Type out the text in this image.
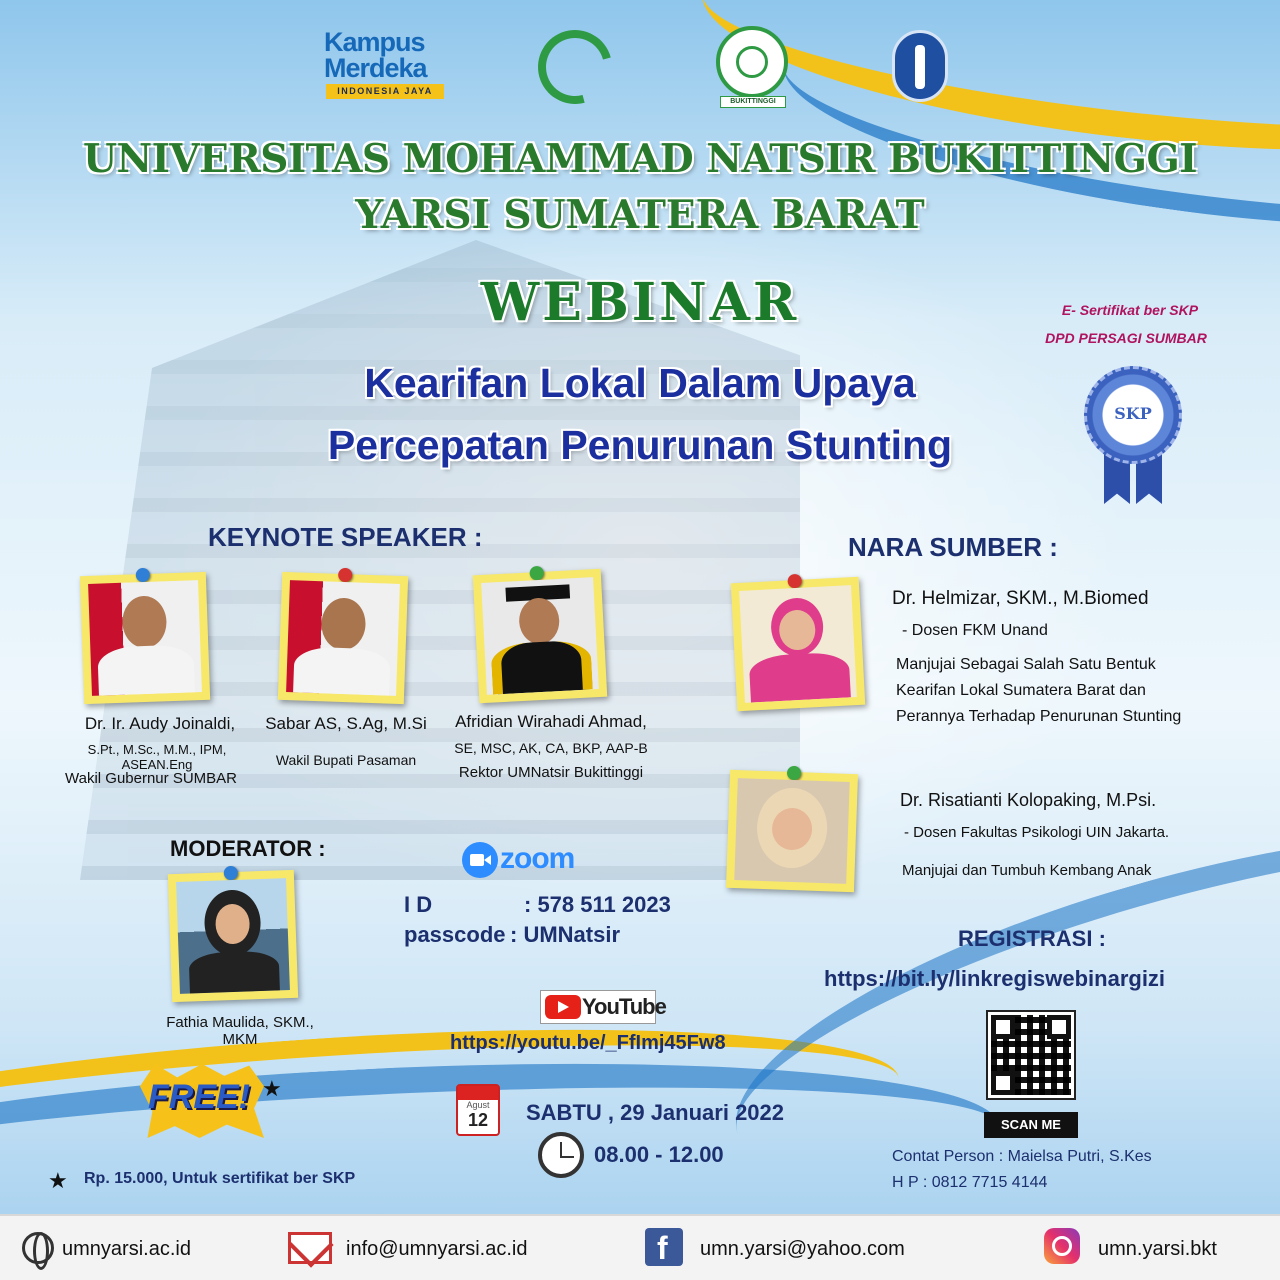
Kampus
Merdeka
INDONESIA JAYA
BUKITTINGGI
UNIVERSITAS MOHAMMAD NATSIR BUKITTINGGI
YARSI SUMATERA BARAT
WEBINAR
Kearifan Lokal Dalam Upaya
Percepatan Penurunan Stunting
E- Sertifikat ber SKP
DPD PERSAGI SUMBAR
SKP
KEYNOTE SPEAKER :	NARA SUMBER :
MODERATOR :
Dr. Ir. Audy Joinaldi,
S.Pt., M.Sc., M.M., IPM, ASEAN.Eng
Wakil Gubernur SUMBAR
Sabar AS, S.Ag, M.Si
Wakil Bupati Pasaman
Afridian Wirahadi Ahmad,
SE, MSC, AK, CA, BKP, AAP-B
Rektor UMNatsir Bukittinggi
Dr. Helmizar, SKM., M.Biomed
- Dosen FKM Unand
Manjujai Sebagai Salah Satu Bentuk
Kearifan Lokal Sumatera Barat dan
Perannya Terhadap Penurunan Stunting
Dr. Risatianti Kolopaking, M.Psi.
- Dosen Fakultas Psikologi UIN Jakarta.
Manjujai dan Tumbuh Kembang Anak
Fathia Maulida, SKM., MKM
zoom
I D	: 578 511 2023
passcode : UMNatsir
YouTube
https://youtu.be/_FfImj45Fw8
Agust
12	SABTU , 29 Januari 2022
08.00 - 12.00
FREE! ★
★ Rp. 15.000, Untuk sertifikat ber SKP
REGISTRASI :
https://bit.ly/linkregiswebinargizi
SCAN ME
Contat Person : Maielsa Putri, S.Kes
H P : 0812 7715 4144
umnyarsi.ac.id	info@umnyarsi.ac.id	f umn.yarsi@yahoo.com	umn.yarsi.bkt
